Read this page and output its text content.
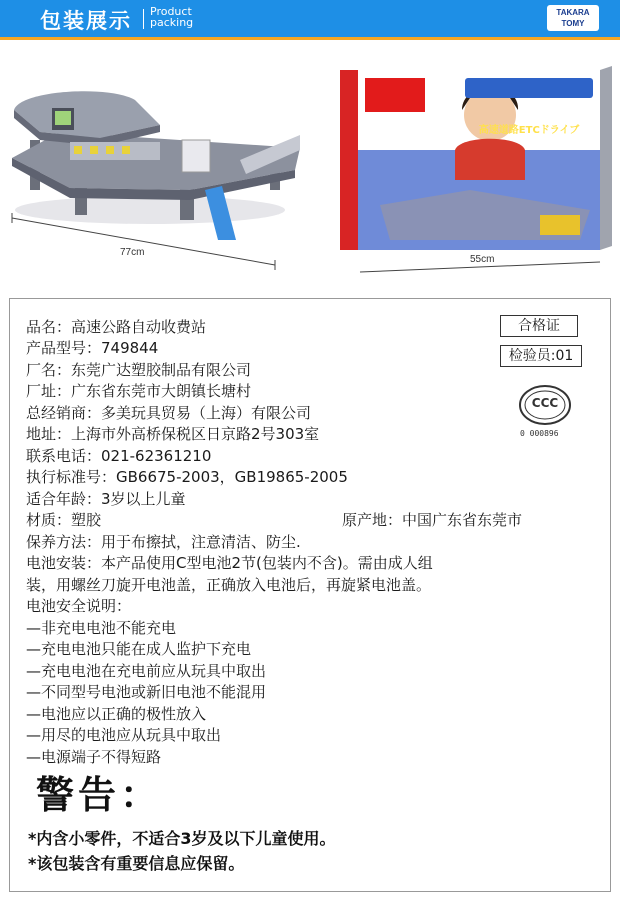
包装展示 Product
packing
TAKARA
TOMY
トミカ	高速道路ETCドライブ
77cm
55cm
品名：高速公路自动收费站
产品型号：749844
厂名：东莞广达塑胶制品有限公司
厂址：广东省东莞市大朗镇长塘村
总经销商：多美玩具贸易（上海）有限公司
地址：上海市外高桥保税区日京路2号303室
联系电话：021-62361210
执行标准号：GB6675-2003，GB19865-2005
适合年龄：3岁以上儿童
材质：塑胶	原产地：中国广东省东莞市
保养方法：用于布擦拭，注意清洁、防尘.
电池安装：本产品使用C型电池2节(包装内不含)。需由成人组
装，用螺丝刀旋开电池盖，正确放入电池后，再旋紧电池盖。
电池安全说明：
—非充电电池不能充电
—充电电池只能在成人监护下充电
—充电电池在充电前应从玩具中取出
—不同型号电池或新旧电池不能混用
—电池应以正确的极性放入
—用尽的电池应从玩具中取出
—电源端子不得短路
合格证
检验员:01
CCC
0 000896
警告：
*内含小零件，不适合3岁及以下儿童使用。
*该包装含有重要信息应保留。
